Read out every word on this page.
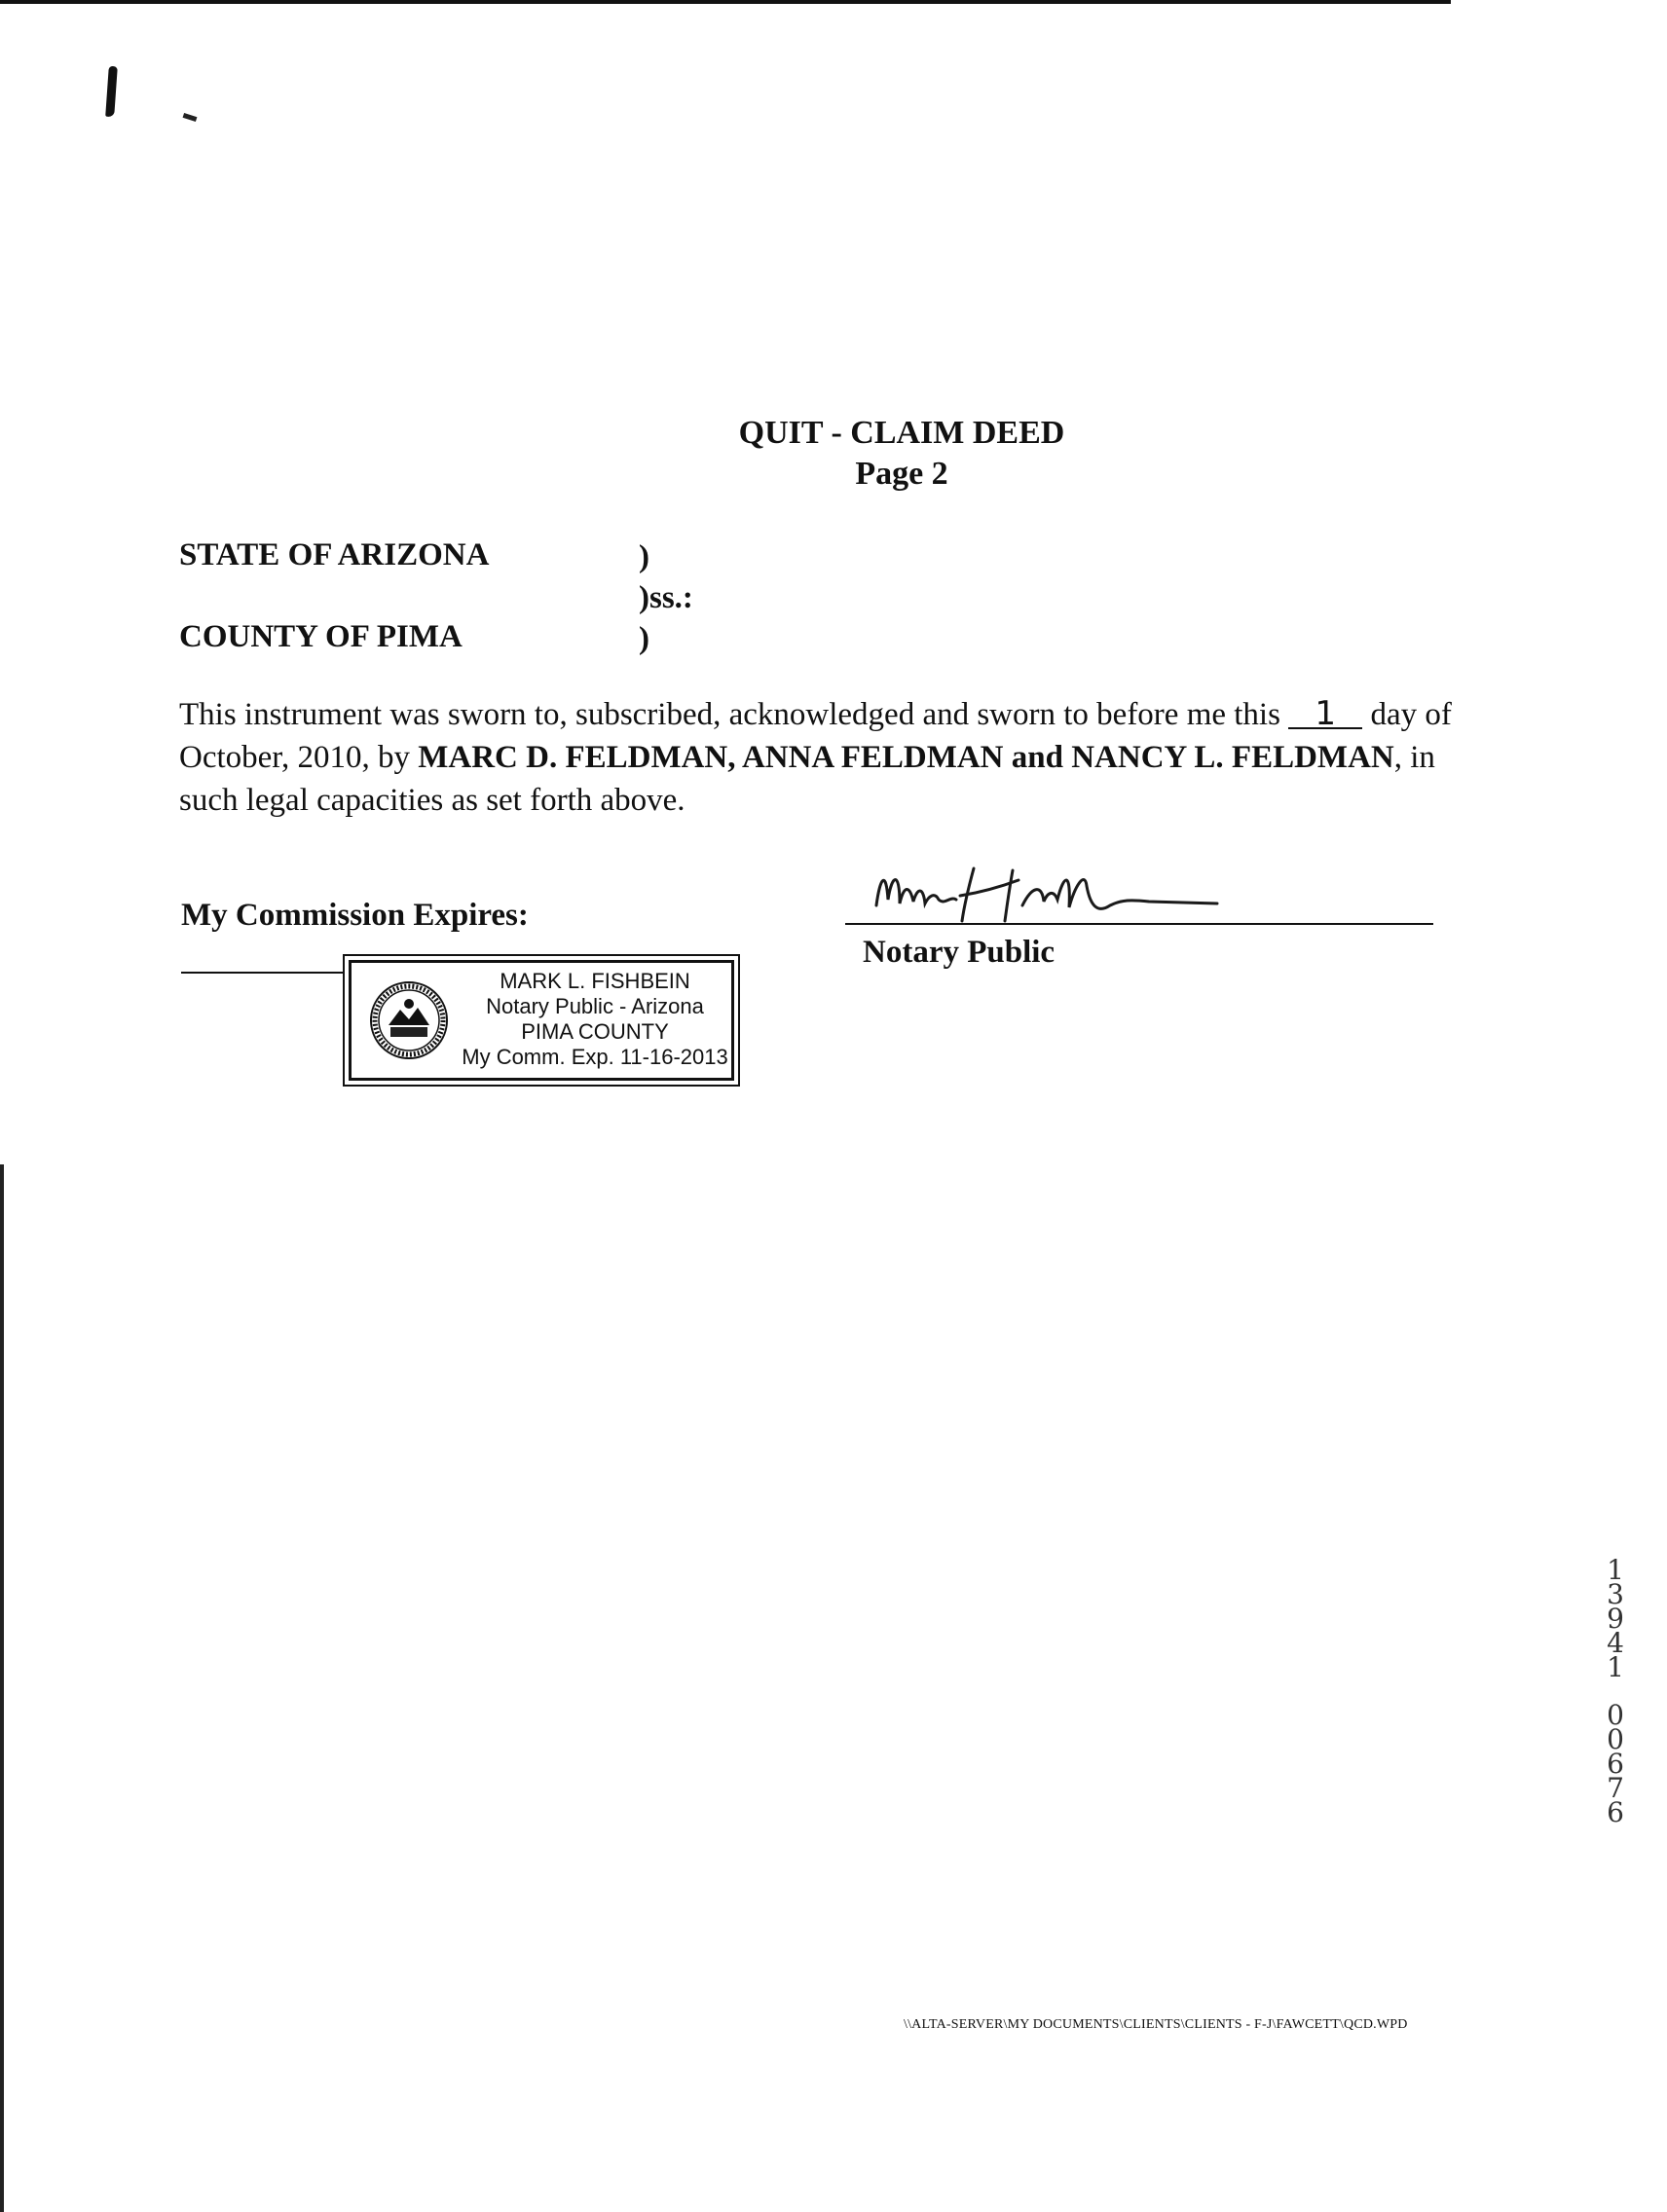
QUIT - CLAIM DEED
Page 2
STATE OF ARIZONA
COUNTY OF PIMA
)
)ss.:
)
This instrument was sworn to, subscribed, acknowledged and sworn to before me this 1 day of
October, 2010, by MARC D. FELDMAN, ANNA FELDMAN and NANCY L. FELDMAN, in
such legal capacities as set forth above.
My Commission Expires:
Notary Public
MARK L. FISHBEIN
Notary Public - Arizona
PIMA COUNTY
My Comm. Exp. 11-16-2013
1
3
9
4
1
0
0
6
7
6
\\ALTA-SERVER\MY DOCUMENTS\CLIENTS\CLIENTS - F-J\FAWCETT\QCD.WPD
